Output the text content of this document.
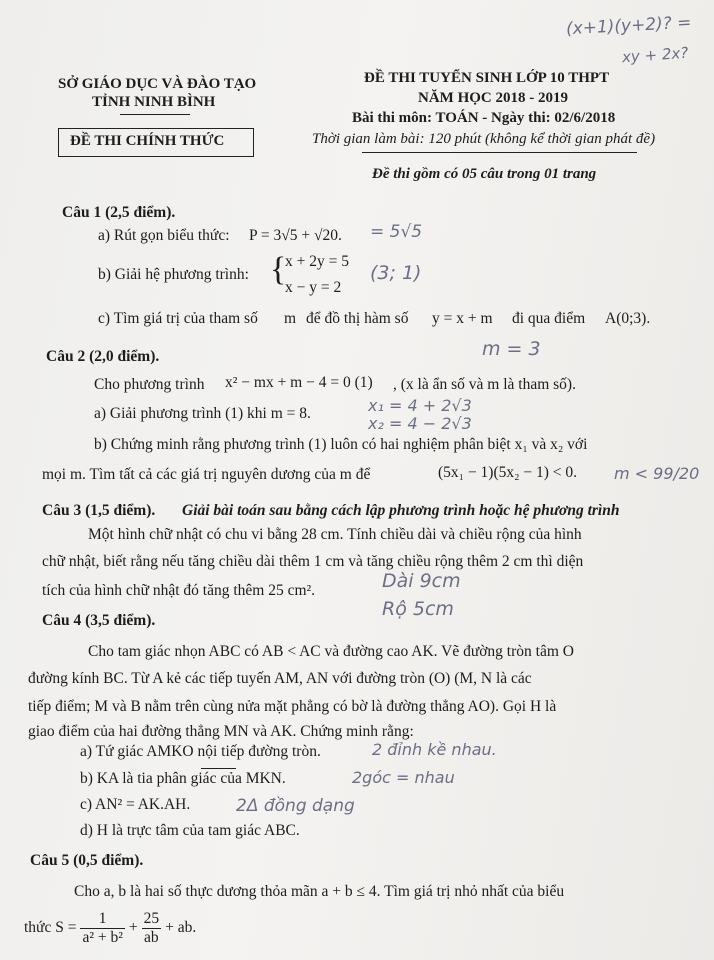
SỞ GIÁO DỤC VÀ ĐÀO TẠO
TỈNH NINH BÌNH
ĐỀ THI CHÍNH THỨC
ĐỀ THI TUYỂN SINH LỚP 10 THPT
NĂM HỌC 2018 - 2019
Bài thi môn: TOÁN - Ngày thi: 02/6/2018
Thời gian làm bài: 120 phút (không kể thời gian phát đề)
Đề thi gồm có 05 câu trong 01 trang
Câu 1 (2,5 điểm).
a) Rút gọn biểu thức: P = 3√5 + √20.
b) Giải hệ phương trình: {
x + 2y = 5
x − y = 2
c) Tìm giá trị của tham số m để đồ thị hàm số y = x + m đi qua điểm A(0;3).
Câu 2 (2,0 điểm).
Cho phương trình x² − mx + m − 4 = 0 (1) , (x là ẩn số và m là tham số).
a) Giải phương trình (1) khi m = 8.
b) Chứng minh rằng phương trình (1) luôn có hai nghiệm phân biệt x₁ và x₂ với
mọi m. Tìm tất cả các giá trị nguyên dương của m để	(5x₁ − 1)(5x₂ − 1) < 0.
Câu 3 (1,5 điểm). Giải bài toán sau bằng cách lập phương trình hoặc hệ phương trình
Một hình chữ nhật có chu vi bằng 28 cm. Tính chiều dài và chiều rộng của hình
chữ nhật, biết rằng nếu tăng chiều dài thêm 1 cm và tăng chiều rộng thêm 2 cm thì diện
tích của hình chữ nhật đó tăng thêm 25 cm².
Câu 4 (3,5 điểm).
Cho tam giác nhọn ABC có AB < AC và đường cao AK. Vẽ đường tròn tâm O
đường kính BC. Từ A kẻ các tiếp tuyến AM, AN với đường tròn (O) (M, N là các
tiếp điểm; M và B nằm trên cùng nửa mặt phẳng có bờ là đường thẳng AO). Gọi H là
giao điểm của hai đường thẳng MN và AK. Chứng minh rằng:
a) Tứ giác AMKO nội tiếp đường tròn.
b) KA là tia phân giác của MKN.
c) AN² = AK.AH.
d) H là trực tâm của tam giác ABC.
Câu 5 (0,5 điểm).
Cho a, b là hai số thực dương thỏa mãn a + b ≤ 4. Tìm giá trị nhỏ nhất của biểu
thức $S = \frac{1}{\text{a² + b²}} + \frac{25}{ab}$ + ab.
(x+1)(y+2)? =
xy + 2x?
= 5√5
(3; 1)
m = 3
x₁ = 4 + 2√3
x₂ = 4 − 2√3
m < 99/20
Dài 9cm
Rộ 5cm
2 đỉnh kề nhau.
2góc = nhau
2Δ đồng dạng
